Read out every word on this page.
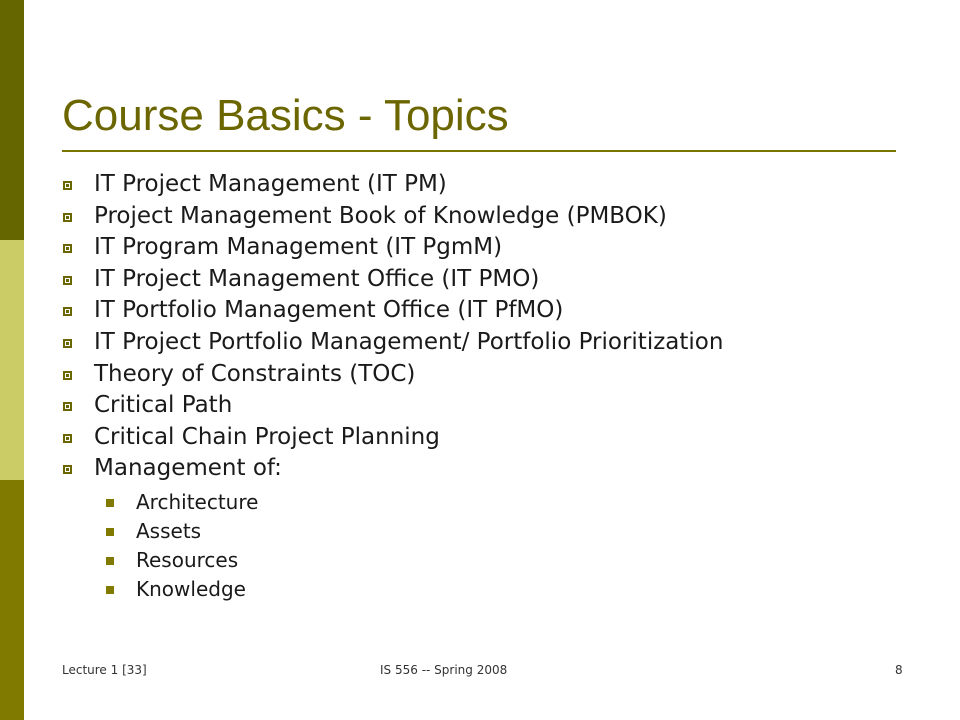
Course Basics - Topics
IT Project Management (IT PM)
Project Management Book of Knowledge (PMBOK)
IT Program Management (IT PgmM)
IT Project Management Office (IT PMO)
IT Portfolio Management Office (IT PfMO)
IT Project Portfolio Management/ Portfolio Prioritization
Theory of Constraints (TOC)
Critical Path
Critical Chain Project Planning
Management of:
Architecture
Assets
Resources
Knowledge
Lecture 1 [33]	IS 556 -- Spring 2008	8
